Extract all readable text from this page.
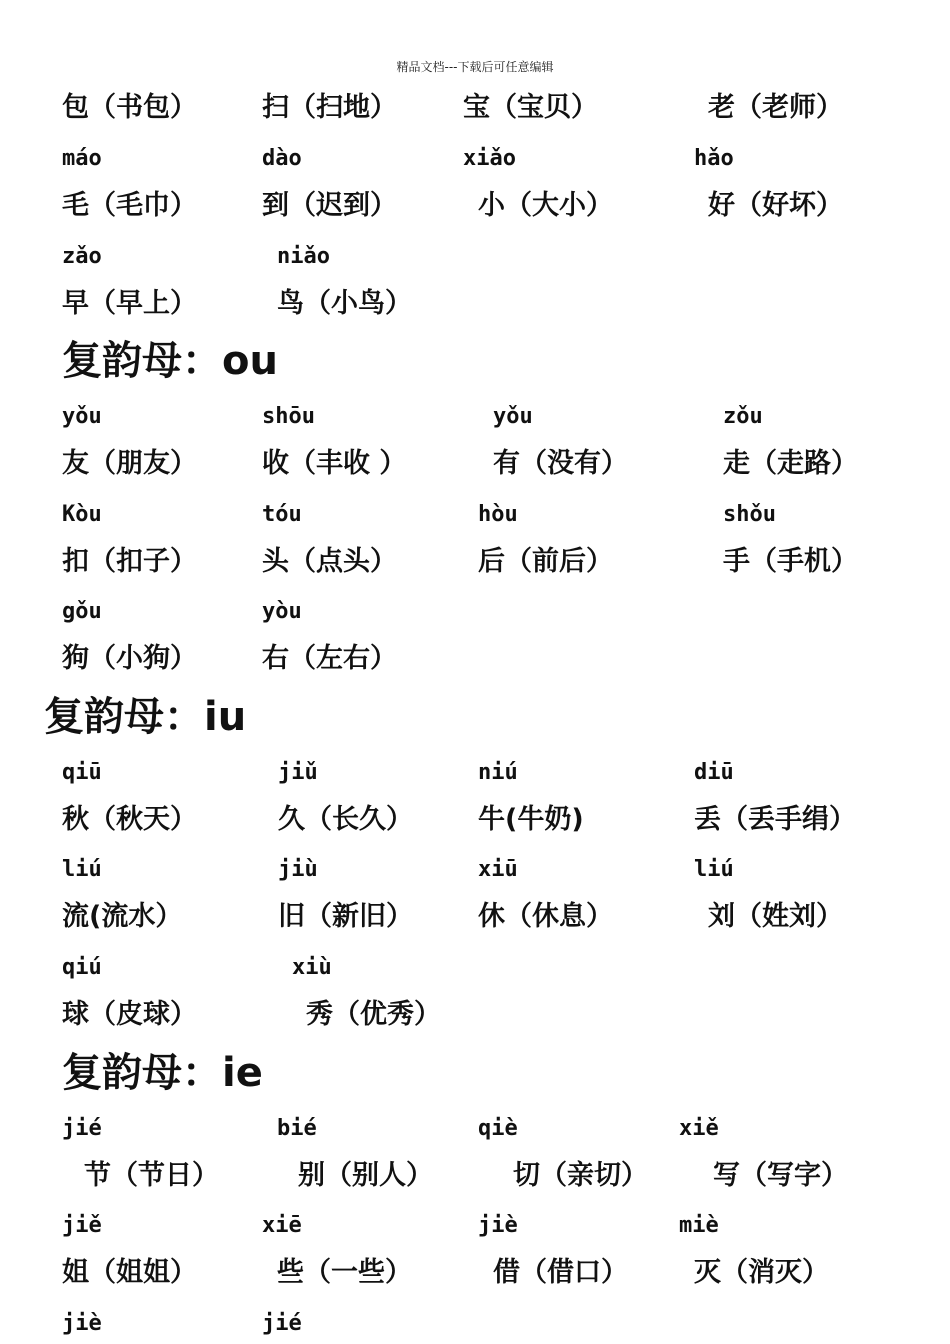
精品文档---下载后可任意编辑
包（书包） 扫（扫地） 宝（宝贝）	老（老师）
máo	dào	xiǎo	hǎo
毛（毛巾） 到（迟到）	小（大小）	好（好坏）
zǎo	niǎo
早（早上）	鸟（小鸟）
复韵母：ou
yǒu	shōu	yǒu	zǒu
友（朋友） 收（丰收 ）	有（没有）	走（走路）
Kòu	tóu	hòu	shǒu
扣（扣子） 头（点头）	后（前后）	手（手机）
gǒu	yòu
狗（小狗） 右（左右）
复韵母：iu
qiū	jiǔ	niú	diū
秋（秋天）	久（长久） 牛(牛奶)	丢（丢手绢）
liú	jiù	xiū	liú
流(流水）	旧（新旧） 休（休息）	刘（姓刘）
qiú	xiù
球（皮球）	秀（优秀）
复韵母：ie
jié	bié	qiè	xiě
节（节日）	别（别人）	切（亲切） 写（写字）
jiě	xiē	jiè	miè
姐（姐姐）	些（一些）	借（借口） 灭（消灭）
jiè	jié
